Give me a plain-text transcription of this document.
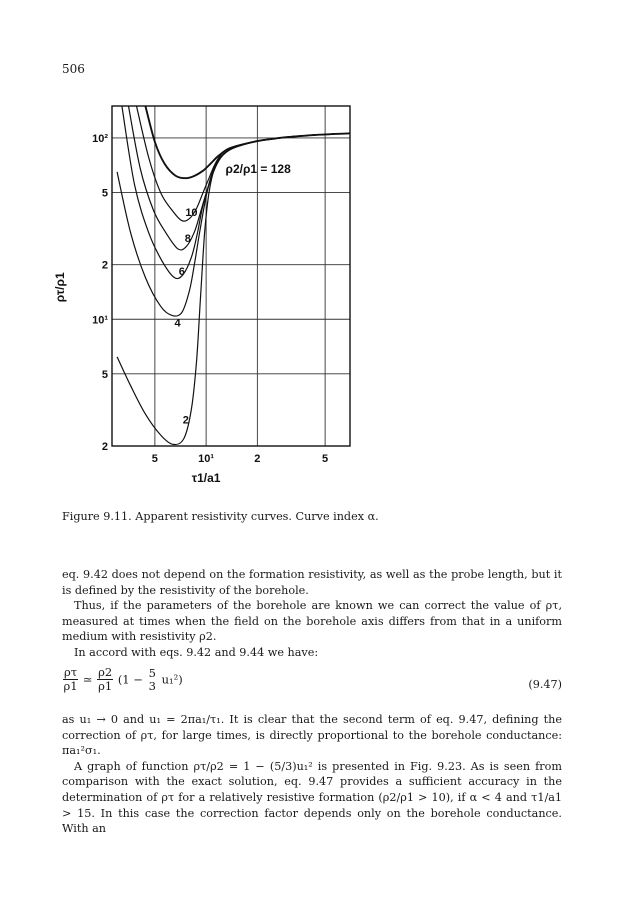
506
5	10¹	2	5
2
5
10¹
2
5
10²
2
4
6
8
10
ρ2/ρ1 = 128
τ1/a1
ρτ/ρ1
Figure 9.11. Apparent resistivity curves. Curve index α.

eq. 9.42 does not depend on the formation resistivity, as well as the probe length, but it is defined by the resistivity of the borehole.

Thus, if the parameters of the borehole are known we can correct the value of ρτ, measured at times when the field on the borehole axis differs from that in a uniform medium with resistivity ρ2.

In accord with eqs. 9.42 and 9.44 we have:

$\frac{\rho\tau}{\rho 1}$ ≃ $\frac{\rho 2}{\rho 1} (1 - 5$
3 u₁²)	(9.47)

as u₁ → 0 and u₁ = 2πa₁/τ₁. It is clear that the second term of eq. 9.47, defining the correction of ρτ, for large times, is directly proportional to the borehole conductance: πa₁²σ₁.

A graph of function ρτ/ρ2 = 1 − (5/3)u₁² is presented in Fig. 9.23. As is seen from comparison with the exact solution, eq. 9.47 provides a sufficient accuracy in the determination of ρτ for a relatively resistive formation (ρ2/ρ1 > 10), if α < 4 and τ1/a1 > 15. In this case the correction factor depends only on the borehole conductance. With an
